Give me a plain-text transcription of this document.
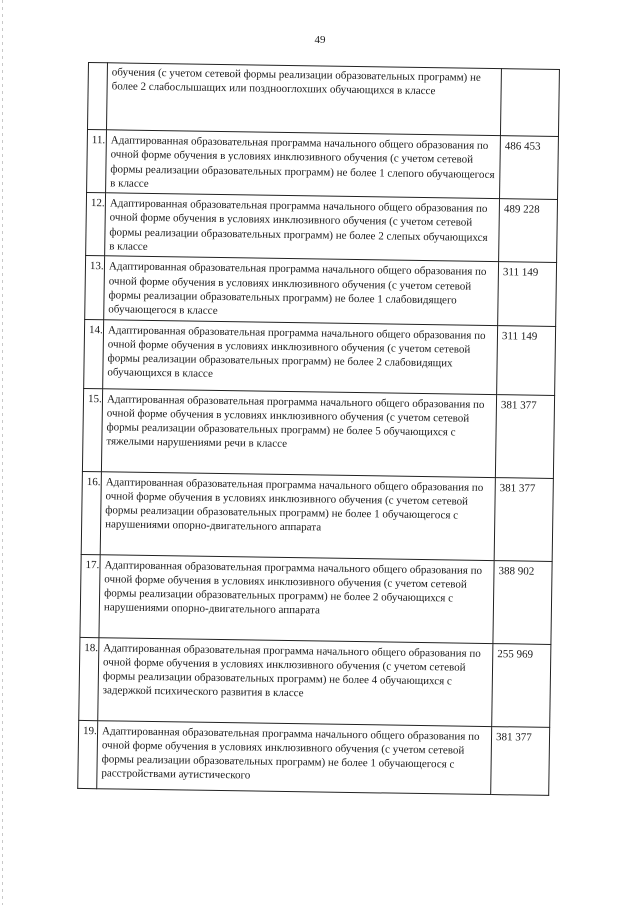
49
	обучения (с учетом сетевой формы реализации образовательных программ) не более 2 слабослышащих или позднооглохших обучающихся в классе	
11.	Адаптированная образовательная программа начального общего образования по очной форме обучения в условиях инклюзивного обучения (с учетом сетевой формы реализации образовательных программ) не более 1 слепого обучающегося в классе	486 453
12.	Адаптированная образовательная программа начального общего образования по очной форме обучения в условиях инклюзивного обучения (с учетом сетевой формы реализации образовательных программ) не более 2 слепых обучающихся в классе	489 228
13.	Адаптированная образовательная программа начального общего образования по очной форме обучения в условиях инклюзивного обучения (с учетом сетевой формы реализации образовательных программ) не более 1 слабовидящего обучающегося в классе	311 149
14.	Адаптированная образовательная программа начального общего образования по очной форме обучения в условиях инклюзивного обучения (с учетом сетевой формы реализации образовательных программ) не более 2 слабовидящих обучающихся в классе	311 149
15.	Адаптированная образовательная программа начального общего образования по очной форме обучения в условиях инклюзивного обучения (с учетом сетевой формы реализации образовательных программ) не более 5 обучающихся с тяжелыми нарушениями речи в классе	381 377
16.	Адаптированная образовательная программа начального общего образования по очной форме обучения в условиях инклюзивного обучения (с учетом сетевой формы реализации образовательных программ) не более 1 обучающегося с нарушениями опорно-двигательного аппарата	381 377
17.	Адаптированная образовательная программа начального общего образования по очной форме обучения в условиях инклюзивного обучения (с учетом сетевой формы реализации образовательных программ) не более 2 обучающихся с нарушениями опорно-двигательного аппарата	388 902
18.	Адаптированная образовательная программа начального общего образования по очной форме обучения в условиях инклюзивного обучения (с учетом сетевой формы реализации образовательных программ) не более 4 обучающихся с задержкой психического развития в классе	255 969
19.	Адаптированная образовательная программа начального общего образования по очной форме обучения в условиях инклюзивного обучения (с учетом сетевой формы реализации образовательных программ) не более 1 обучающегося с расстройствами аутистического	381 377
